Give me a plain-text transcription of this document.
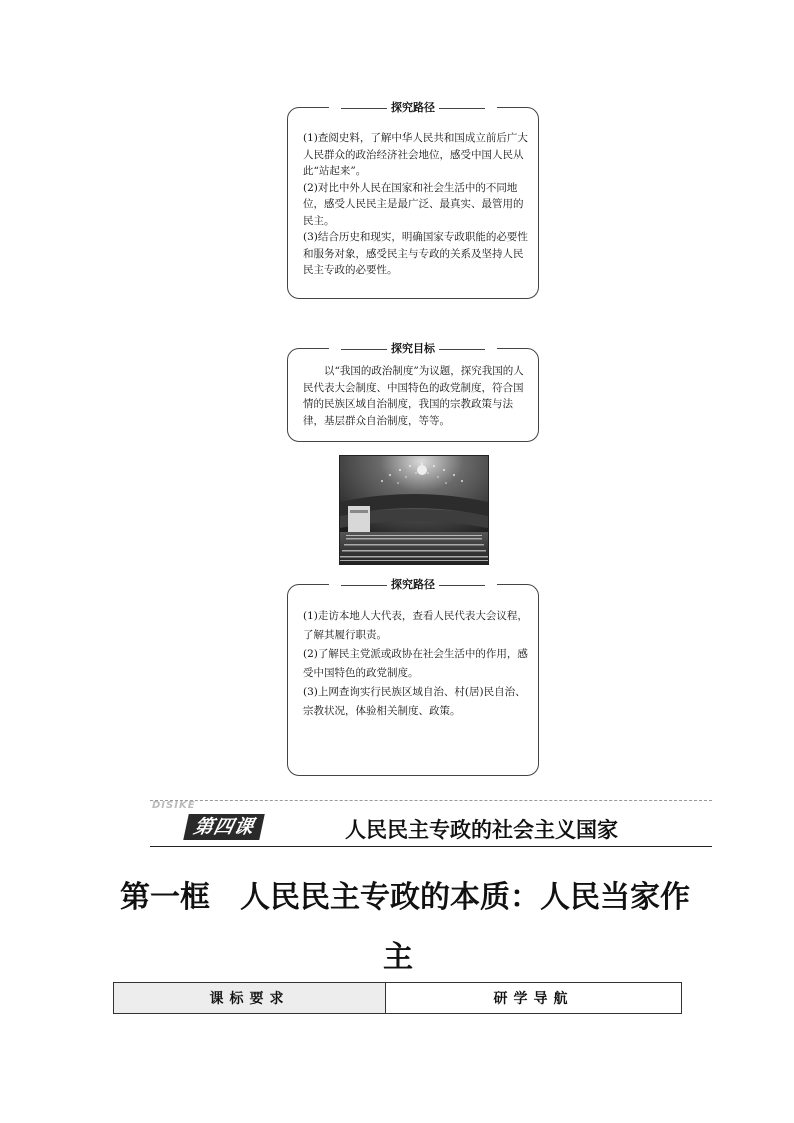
探究路径

(1)查阅史料，了解中华人民共和国成立前后广大人民群众的政治经济社会地位，感受中国人民从此“站起来”。

(2)对比中外人民在国家和社会生活中的不同地位，感受人民民主是最广泛、最真实、最管用的民主。

(3)结合历史和现实，明确国家专政职能的必要性和服务对象，感受民主与专政的关系及坚持人民民主专政的必要性。

探究目标

以“我国的政治制度”为议题，探究我国的人民代表大会制度、中国特色的政党制度，符合国情的民族区域自治制度，我国的宗教政策与法律，基层群众自治制度，等等。

探究路径

(1)走访本地人大代表，查看人民代表大会议程，了解其履行职责。

(2)了解民主党派或政协在社会生活中的作用，感受中国特色的政党制度。

(3)上网查询实行民族区域自治、村(居)民自治、宗教状况，体验相关制度、政策。

DISIKE
第四课	人民民主专政的社会主义国家
第一框　人民民主专政的本质：人民当家作
主
课标要求	研学导航
